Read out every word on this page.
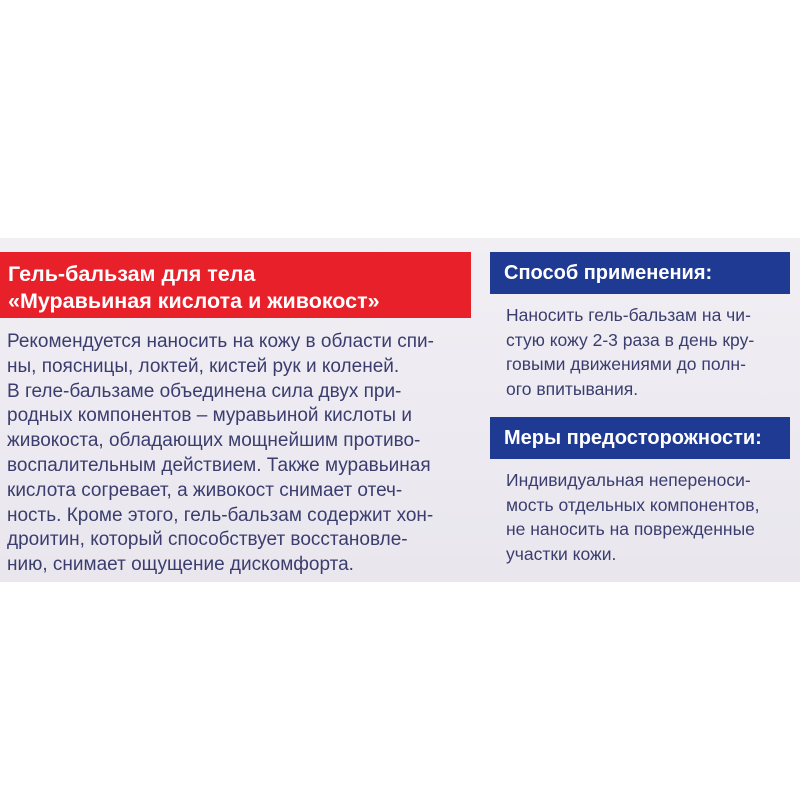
Гель-бальзам для тела
«Муравьиная кислота и живокост»
Рекомендуется наносить на кожу в области спи-
ны, поясницы, локтей, кистей рук и коленей.
В геле-бальзаме объединена сила двух при-
родных компонентов – муравьиной кислоты и
живокоста, обладающих мощнейшим противо-
воспалительным действием. Также муравьиная
кислота согревает, а живокост снимает отеч-
ность. Кроме этого, гель-бальзам содержит хон-
дроитин, который способствует восстановле-
нию, снимает ощущение дискомфорта.
Способ применения:
Наносить гель-бальзам на чи-
стую кожу 2-3 раза в день кру-
говыми движениями до полн-
ого впитывания.
Меры предосторожности:
Индивидуальная непереноси-
мость отдельных компонентов,
не наносить на поврежденные
участки кожи.
